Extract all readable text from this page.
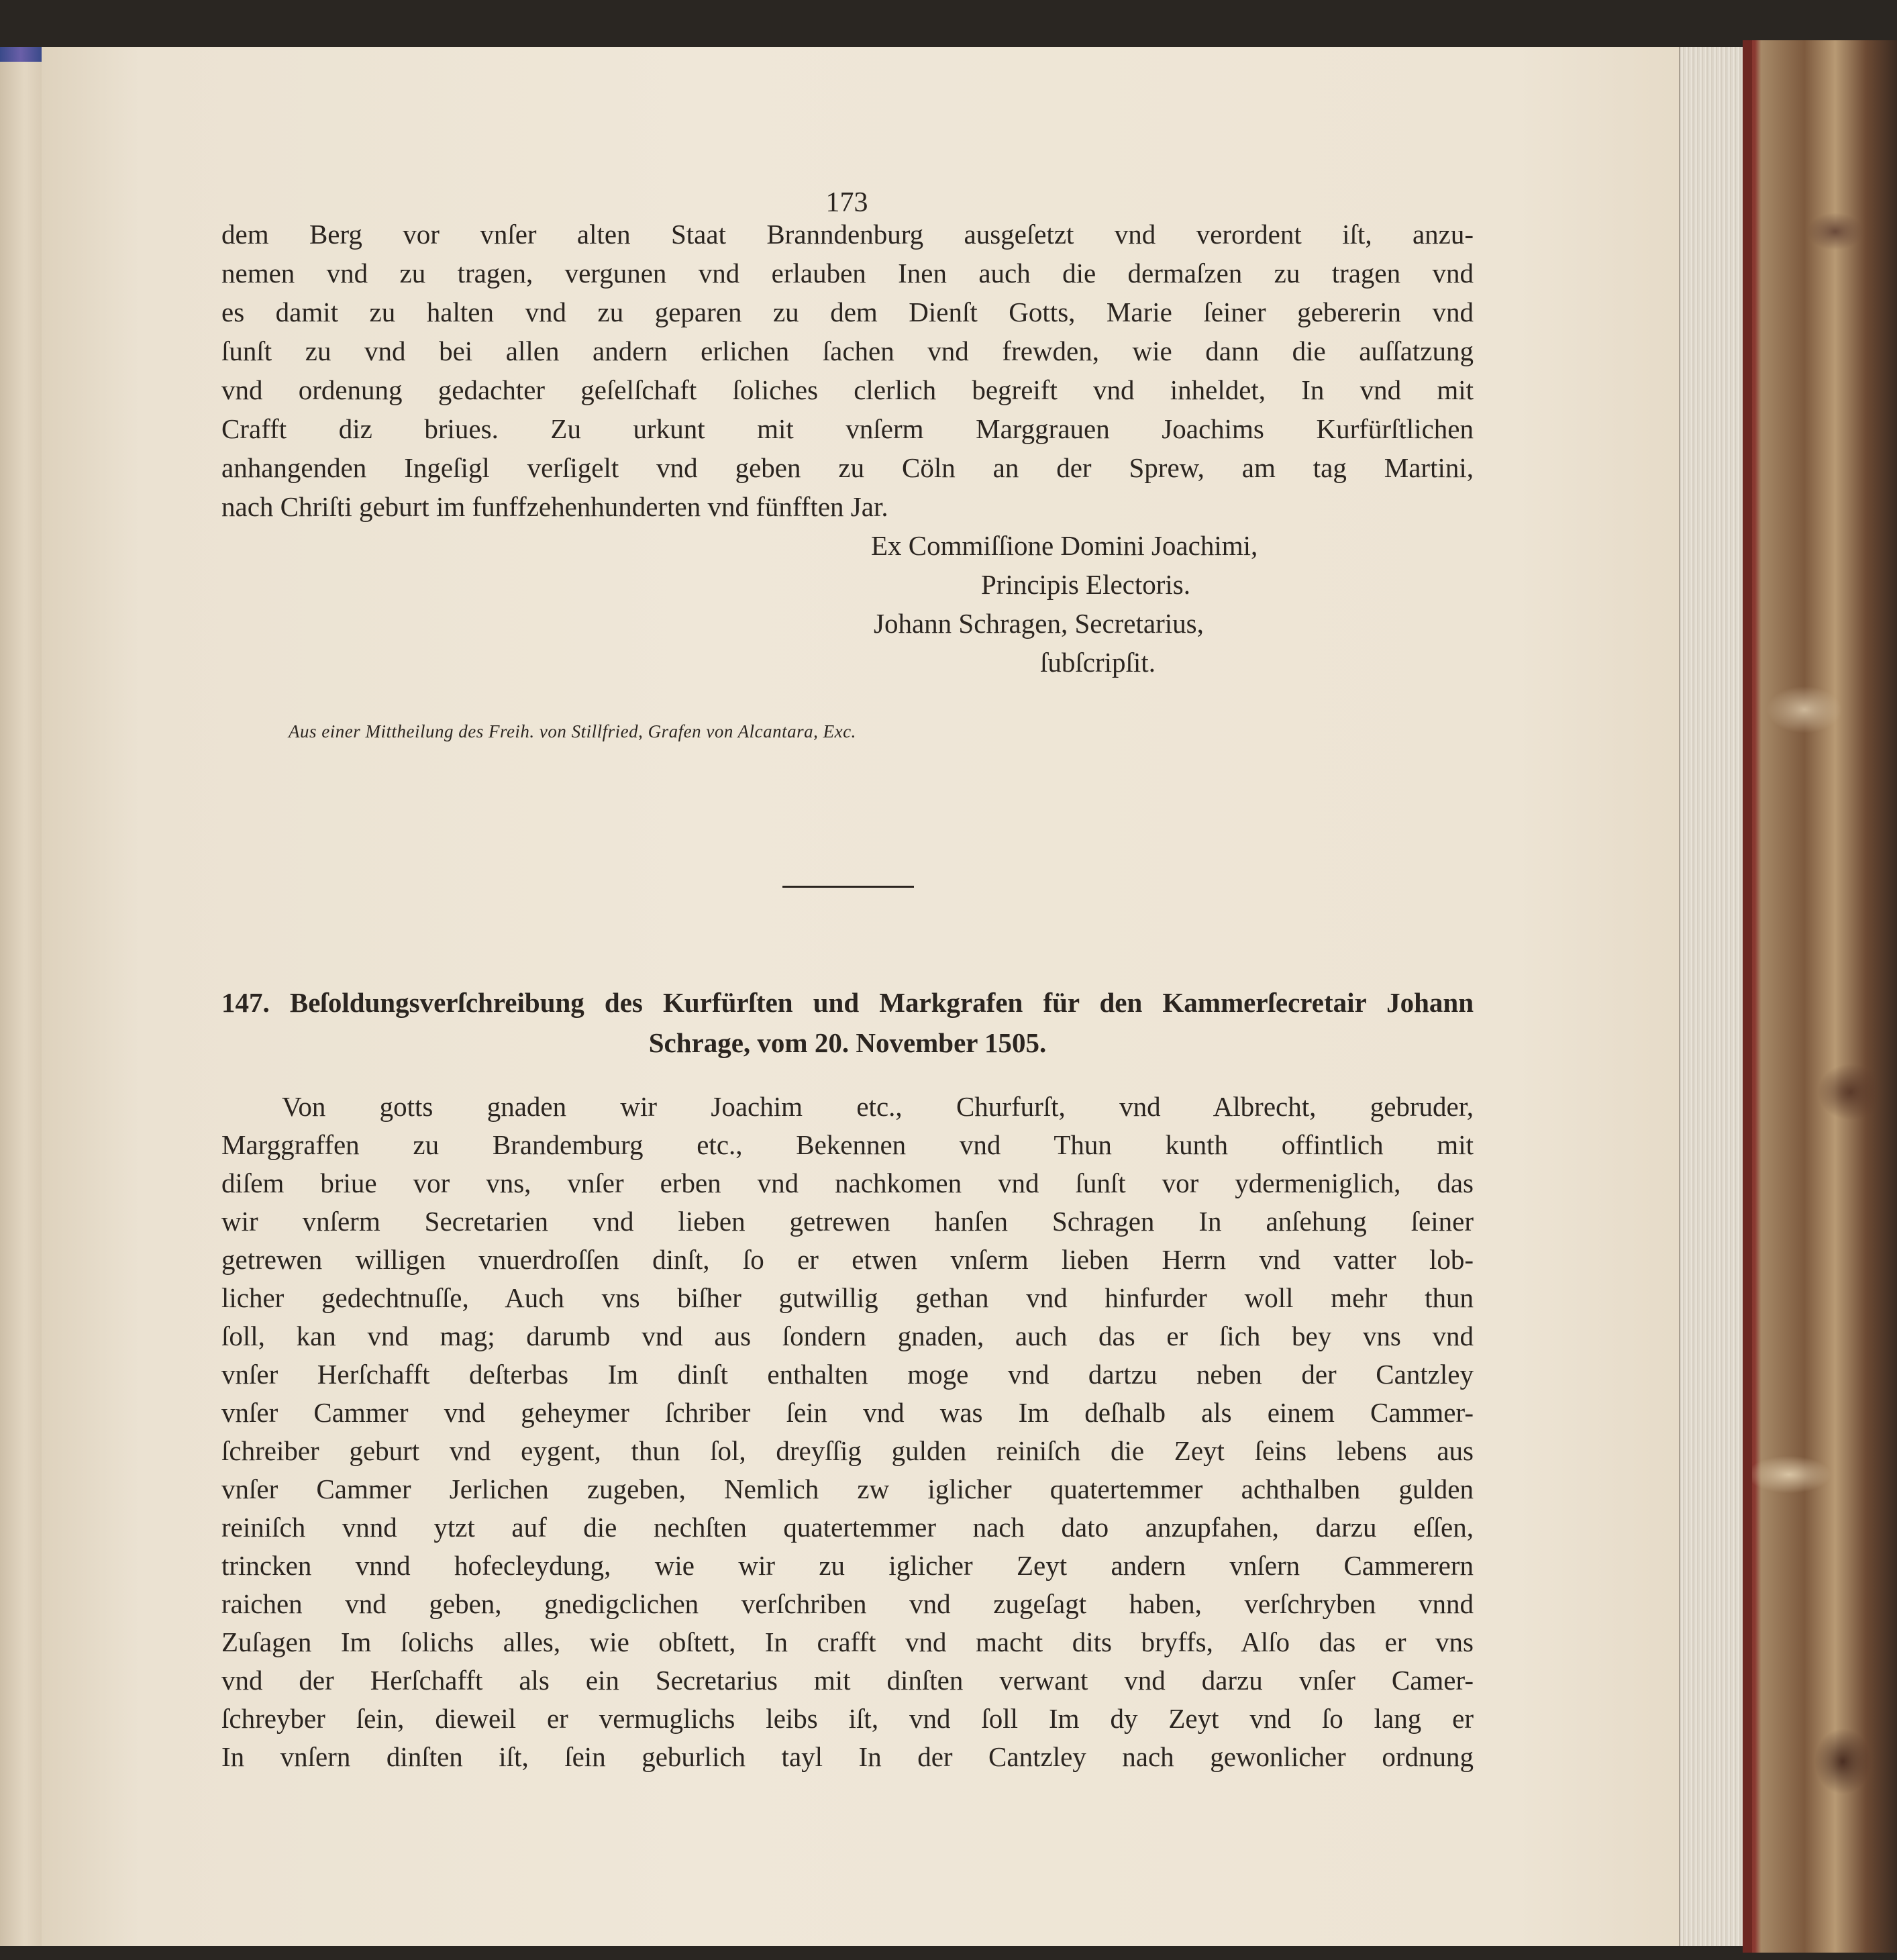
173
dem Berg vor vnſer alten Staat Branndenburg ausgeſetzt vnd verordent iſt, anzu-
nemen vnd zu tragen, vergunen vnd erlauben Inen auch die dermaſzen zu tragen vnd
es damit zu halten vnd zu geparen zu dem Dienſt Gotts, Marie ſeiner gebererin vnd
ſunſt zu vnd bei allen andern erlichen ſachen vnd frewden, wie dann die auſſatzung
vnd ordenung gedachter geſelſchaft ſoliches clerlich begreift vnd inheldet, In vnd mit
Crafft diz briues. Zu urkunt mit vnſerm Marggrauen Joachims Kurfürſtlichen
anhangenden Ingeſigl verſigelt vnd geben zu Cöln an der Sprew, am tag Martini,
nach Chriſti geburt im funffzehenhunderten vnd fünfften Jar.
Ex Commiſſione Domini Joachimi,
Principis Electoris.
Johann Schragen, Secretarius,
ſubſcripſit.
Aus einer Mittheilung des Freih. von Stillfried, Grafen von Alcantara, Exc.
147. Beſoldungsverſchreibung des Kurfürſten und Markgrafen für den Kammerſecretair Johann
Schrage, vom 20. November 1505.
Von gotts gnaden wir Joachim etc., Churfurſt, vnd Albrecht, gebruder,
Marggraffen zu Brandemburg etc., Bekennen vnd Thun kunth offintlich mit
diſem briue vor vns, vnſer erben vnd nachkomen vnd ſunſt vor ydermeniglich, das
wir vnſerm Secretarien vnd lieben getrewen hanſen Schragen In anſehung ſeiner
getrewen willigen vnuerdroſſen dinſt, ſo er etwen vnſerm lieben Herrn vnd vatter lob-
licher gedechtnuſſe, Auch vns biſher gutwillig gethan vnd hinfurder woll mehr thun
ſoll, kan vnd mag; darumb vnd aus ſondern gnaden, auch das er ſich bey vns vnd
vnſer Herſchafft deſterbas Im dinſt enthalten moge vnd dartzu neben der Cantzley
vnſer Cammer vnd geheymer ſchriber ſein vnd was Im deſhalb als einem Cammer-
ſchreiber geburt vnd eygent, thun ſol, dreyſſig gulden reiniſch die Zeyt ſeins lebens aus
vnſer Cammer Jerlichen zugeben, Nemlich zw iglicher quatertemmer achthalben gulden
reiniſch vnnd ytzt auf die nechſten quatertemmer nach dato anzupfahen, darzu eſſen,
trincken vnnd hofecleydung, wie wir zu iglicher Zeyt andern vnſern Cammerern
raichen vnd geben, gnedigclichen verſchriben vnd zugeſagt haben, verſchryben vnnd
Zuſagen Im ſolichs alles, wie obſtett, In crafft vnd macht dits bryffs, Alſo das er vns
vnd der Herſchafft als ein Secretarius mit dinſten verwant vnd darzu vnſer Camer-
ſchreyber ſein, dieweil er vermuglichs leibs iſt, vnd ſoll Im dy Zeyt vnd ſo lang er
In vnſern dinſten iſt, ſein geburlich tayl In der Cantzley nach gewonlicher ordnung
